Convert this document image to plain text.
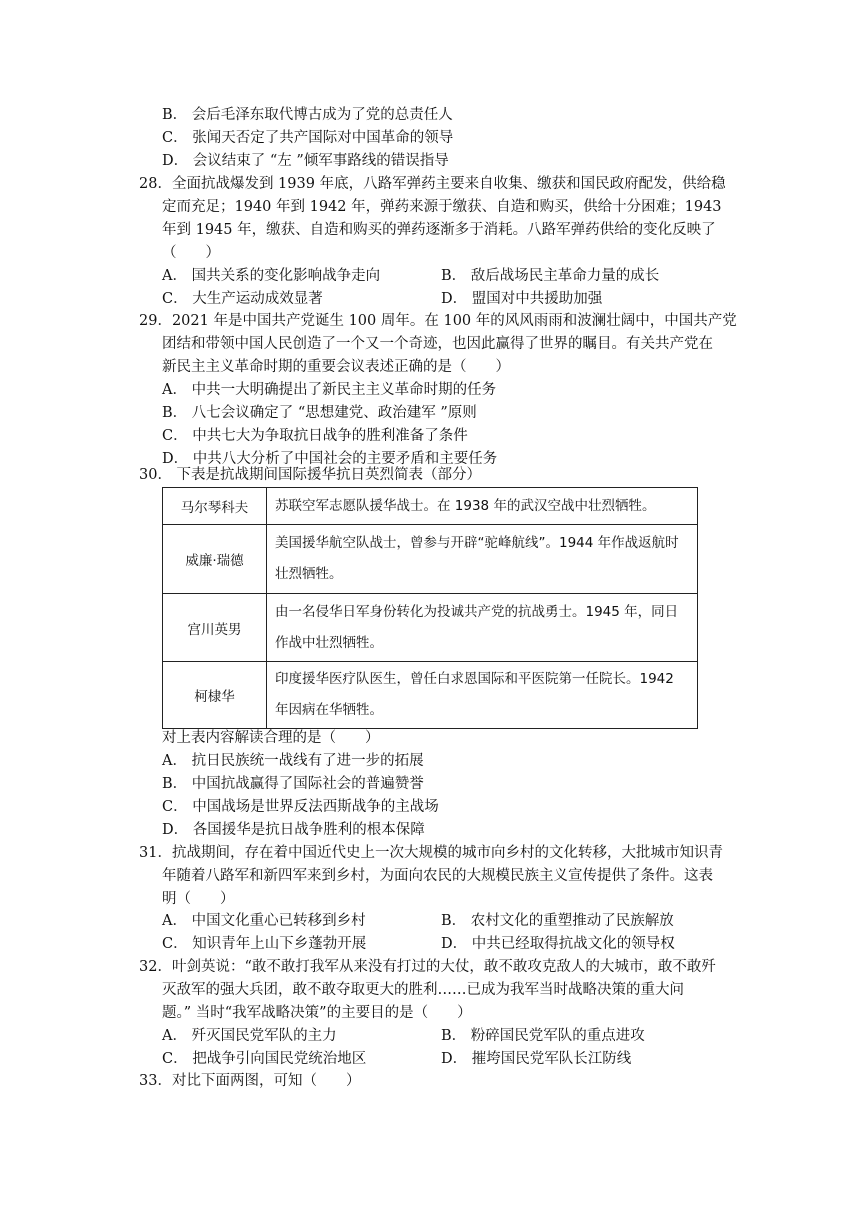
B． 会后毛泽东取代博古成为了党的总责任人
C． 张闻天否定了共产国际对中国革命的领导
D． 会议结束了 “左 ”倾军事路线的错误指导
28．全面抗战爆发到 1939 年底，八路军弹药主要来自收集、缴获和国民政府配发，供给稳
定而充足；1940 年到 1942 年，弹药来源于缴获、自造和购买，供给十分困难；1943
年到 1945 年，缴获、自造和购买的弹药逐渐多于消耗。八路军弹药供给的变化反映了
（　　）
A． 国共关系的变化影响战争走向	B． 敌后战场民主革命力量的成长
C． 大生产运动成效显著	D． 盟国对中共援助加强
29．2021 年是中国共产党诞生 100 周年。在 100 年的风风雨雨和波澜壮阔中，中国共产党
团结和带领中国人民创造了一个又一个奇迹，也因此赢得了世界的瞩目。有关共产党在
新民主主义革命时期的重要会议表述正确的是（　　）
A． 中共一大明确提出了新民主主义革命时期的任务
B． 八七会议确定了 “思想建党、政治建军 ”原则
C． 中共七大为争取抗日战争的胜利准备了条件
D． 中共八大分析了中国社会的主要矛盾和主要任务
30． 下表是抗战期间国际援华抗日英烈简表（部分）
马尔琴科夫	苏联空军志愿队援华战士。在 1938 年的武汉空战中壮烈牺牲。
威廉·瑞德	美国援华航空队战士，曾参与开辟“驼峰航线”。1944 年作战返航时壮烈牺牲。
宫川英男	由一名侵华日军身份转化为投诚共产党的抗战勇士。1945 年，同日作战中壮烈牺牲。
柯棣华	印度援华医疗队医生，曾任白求恩国际和平医院第一任院长。1942 年因病在华牺牲。
对上表内容解读合理的是（　　）
A． 抗日民族统一战线有了进一步的拓展
B． 中国抗战赢得了国际社会的普遍赞誉
C． 中国战场是世界反法西斯战争的主战场
D． 各国援华是抗日战争胜利的根本保障
31．抗战期间，存在着中国近代史上一次大规模的城市向乡村的文化转移，大批城市知识青
年随着八路军和新四军来到乡村，为面向农民的大规模民族主义宣传提供了条件。这表
明（　　）
A． 中国文化重心已转移到乡村	B． 农村文化的重塑推动了民族解放
C． 知识青年上山下乡蓬勃开展	D． 中共已经取得抗战文化的领导权
32．叶剑英说：“敢不敢打我军从来没有打过的大仗，敢不敢攻克敌人的大城市，敢不敢歼
灭敌军的强大兵团，敢不敢夺取更大的胜利……已成为我军当时战略决策的重大问
题。” 当时“我军战略决策”的主要目的是（　　）
A． 歼灭国民党军队的主力	B． 粉碎国民党军队的重点进攻
C． 把战争引向国民党统治地区	D． 摧垮国民党军队长江防线
33．对比下面两图，可知（　　）
